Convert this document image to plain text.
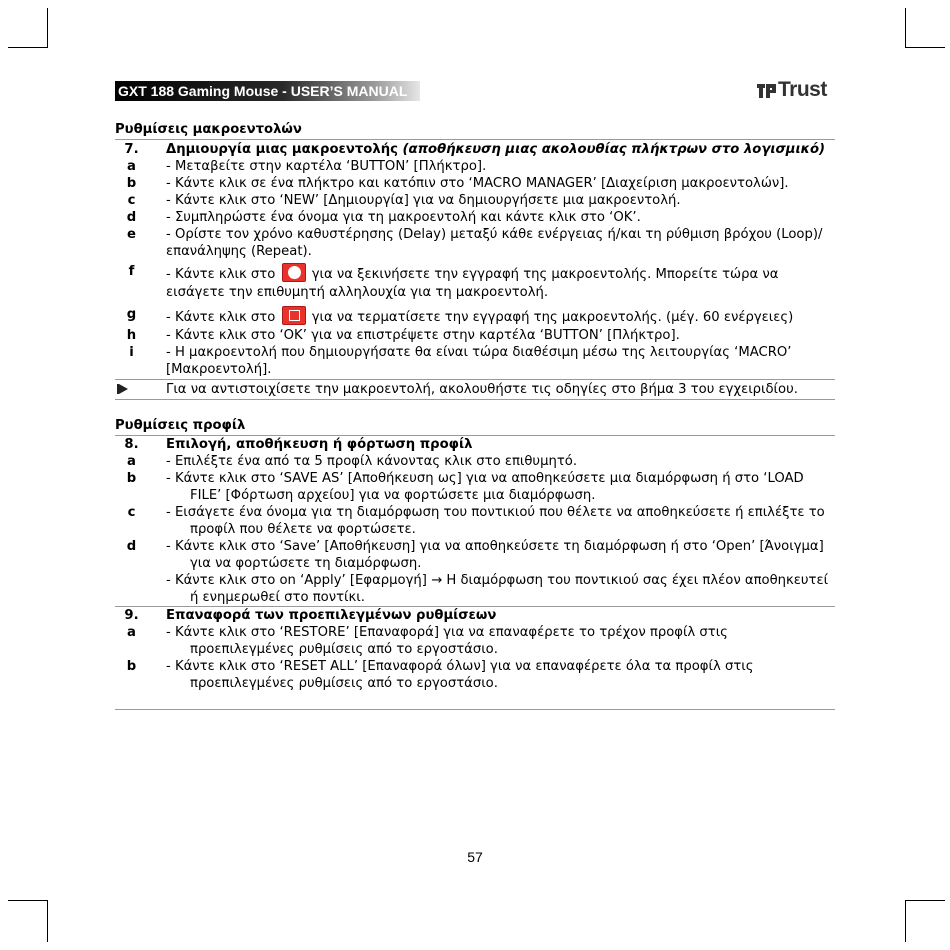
GXT 188 Gaming Mouse - USER’S MANUAL	Trust
Ρυθμίσεις μακροεντολών
7.	Δημιουργία μιας μακροεντολής (αποθήκευση μιας ακολουθίας πλήκτρων στο λογισμικό)
a	- Μεταβείτε στην καρτέλα ‘BUTTON’ [Πλήκτρο].
b	- Κάντε κλικ σε ένα πλήκτρο και κατόπιν στο ‘MACRO MANAGER’ [Διαχείριση μακροεντολών].
c	- Κάντε κλικ στο ‘NEW’ [Δημιουργία] για να δημιουργήσετε μια μακροεντολή.
d	- Συμπληρώστε ένα όνομα για τη μακροεντολή και κάντε κλικ στο ‘OK’.
e	- Ορίστε τον χρόνο καθυστέρησης (Delay) μεταξύ κάθε ενέργειας ή/και τη ρύθμιση βρόχου (Loop)/επανάληψης (Repeat).
f	- Κάντε κλικ στο	για να ξεκινήσετε την εγγραφή της μακροεντολής. Μπορείτε τώρα να εισάγετε την επιθυμητή αλληλουχία για τη μακροεντολή.
g	- Κάντε κλικ στο	για να τερματίσετε την εγγραφή της μακροεντολής. (μέγ. 60 ενέργειες)
h	- Κάντε κλικ στο ‘OK’ για να επιστρέψετε στην καρτέλα ‘BUTTON’ [Πλήκτρο].
i	- Η μακροεντολή που δημιουργήσατε θα είναι τώρα διαθέσιμη μέσω της λειτουργίας ‘MACRO’ [Μακροεντολή].
Για να αντιστοιχίσετε την μακροεντολή, ακολουθήστε τις οδηγίες στο βήμα 3 του εγχειριδίου.
Ρυθμίσεις προφίλ
8.	Επιλογή, αποθήκευση ή φόρτωση προφίλ
a	- Επιλέξτε ένα από τα 5 προφίλ κάνοντας κλικ στο επιθυμητό.
b	- Κάντε κλικ στο ‘SAVE AS’ [Αποθήκευση ως] για να αποθηκεύσετε μια διαμόρφωση ή στο ‘LOAD FILE’ [Φόρτωση αρχείου] για να φορτώσετε μια διαμόρφωση.
c	- Εισάγετε ένα όνομα για τη διαμόρφωση του ποντικιού που θέλετε να αποθηκεύσετε ή επιλέξτε το προφίλ που θέλετε να φορτώσετε.
d	- Κάντε κλικ στο ‘Save’ [Αποθήκευση] για να αποθηκεύσετε τη διαμόρφωση ή στο ‘Open’ [Άνοιγμα] για να φορτώσετε τη διαμόρφωση.
- Κάντε κλικ στο on ‘Apply’ [Εφαρμογή] → Η διαμόρφωση του ποντικιού σας έχει πλέον αποθηκευτεί ή ενημερωθεί στο ποντίκι.
9.	Επαναφορά των προεπιλεγμένων ρυθμίσεων
a	- Κάντε κλικ στο ‘RESTORE’ [Επαναφορά] για να επαναφέρετε το τρέχον προφίλ στις προεπιλεγμένες ρυθμίσεις από το εργοστάσιο.
b	- Κάντε κλικ στο ‘RESET ALL’ [Επαναφορά όλων] για να επαναφέρετε όλα τα προφίλ στις προεπιλεγμένες ρυθμίσεις από το εργοστάσιο.
57
